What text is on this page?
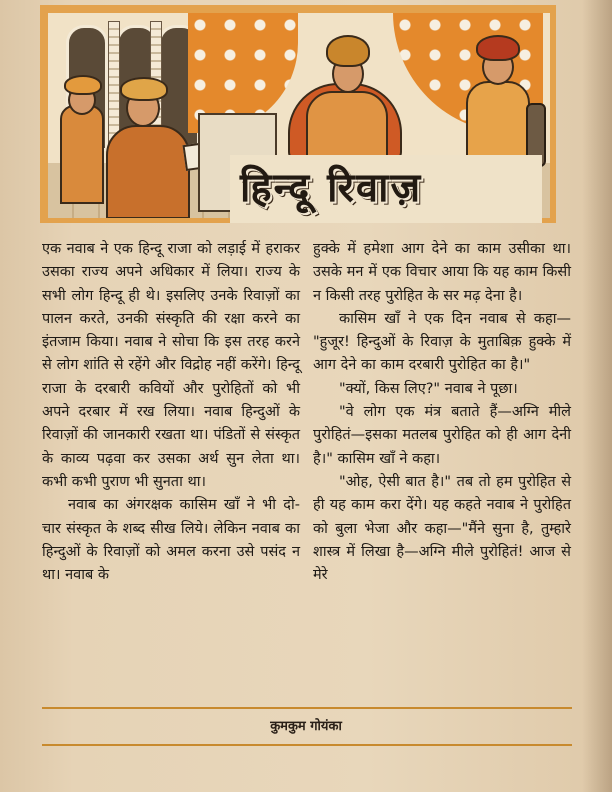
हिन्दू रिवाज़

एक नवाब ने एक हिन्दू राजा को लड़ाई में हराकर उसका राज्य अपने अधिकार में लिया। राज्य के सभी लोग हिन्दू ही थे। इसलिए उनके रिवाज़ों का पालन करते, उनकी संस्कृति की रक्षा करने का इंतजाम किया। नवाब ने सोचा कि इस तरह करने से लोग शांति से रहेंगे और विद्रोह नहीं करेंगे। हिन्दू राजा के दरबारी कवियों और पुरोहितों को भी अपने दरबार में रख लिया। नवाब हिन्दुओं के रिवाज़ों की जानकारी रखता था। पंडितों से संस्कृत के काव्य पढ़वा कर उसका अर्थ सुन लेता था। कभी कभी पुराण भी सुनता था।

नवाब का अंगरक्षक कासिम खाँ ने भी दो-चार संस्कृत के शब्द सीख लिये। लेकिन नवाब का हिन्दुओं के रिवाज़ों को अमल करना उसे पसंद न था। नवाब के

हुक्के में हमेशा आग देने का काम उसीका था। उसके मन में एक विचार आया कि यह काम किसी न किसी तरह पुरोहित के सर मढ़ देना है।

कासिम खाँ ने एक दिन नवाब से कहा— "हुजूर! हिन्दुओं के रिवाज़ के मुताबिक़ हुक्के में आग देने का काम दरबारी पुरोहित का है।"

"क्यों, किस लिए?" नवाब ने पूछा।

"वे लोग एक मंत्र बताते हैं—अग्नि मीले पुरोहितं—इसका मतलब पुरोहित को ही आग देनी है।" कासिम खाँ ने कहा।

"ओह, ऐसी बात है।" तब तो हम पुरोहित से ही यह काम करा देंगे। यह कहते नवाब ने पुरोहित को बुला भेजा और कहा—"मैंने सुना है, तुम्हारे शास्त्र में लिखा है—अग्नि मीले पुरोहितं! आज से मेरे

कुमकुम गोयंका
